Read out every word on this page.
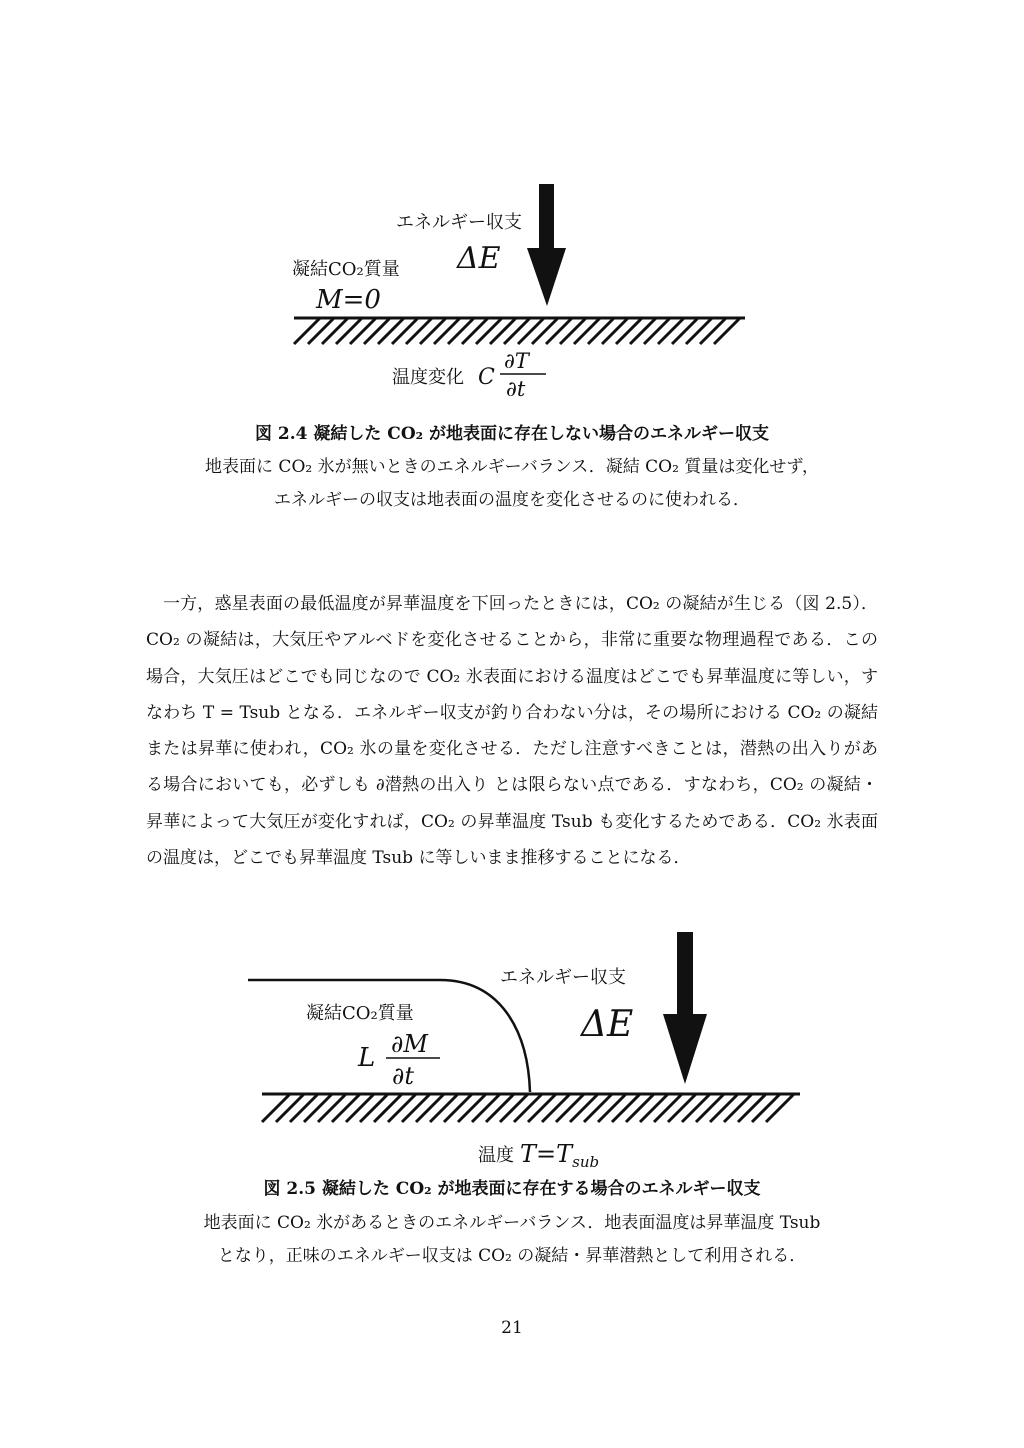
エネルギー収支
ΔE
凝結CO₂質量
M=0
温度変化 C
∂T
∂t
図 2.4 凝結した CO₂ が地表面に存在しない場合のエネルギー収支
地表面に CO₂ 氷が無いときのエネルギーバランス．凝結 CO₂ 質量は変化せず，
エネルギーの収支は地表面の温度を変化させるのに使われる．

一方，惑星表面の最低温度が昇華温度を下回ったときには，CO₂ の凝結が生じる（図 2.5）．CO₂ の凝結は，大気圧やアルベドを変化させることから，非常に重要な物理過程である．この場合，大気圧はどこでも同じなので CO₂ 氷表面における温度はどこでも昇華温度に等しい，すなわち T = Tsub となる．エネルギー収支が釣り合わない分は，その場所における CO₂ の凝結または昇華に使われ，CO₂ 氷の量を変化させる．ただし注意すべきことは，潜熱の出入りがある場合においても，必ずしも ∂潜熱の出入り とは限らない点である．すなわち，CO₂ の凝結・昇華によって大気圧が変化すれば，CO₂ の昇華温度 Tsub も変化するためである．CO₂ 氷表面の温度は，どこでも昇華温度 Tsub に等しいまま推移することになる．

凝結CO₂質量
L ∂M
∂t
エネルギー収支
ΔE
温度 $T=T_{sub}$
図 2.5 凝結した CO₂ が地表面に存在する場合のエネルギー収支
地表面に CO₂ 氷があるときのエネルギーバランス．地表面温度は昇華温度 Tsub
となり，正味のエネルギー収支は CO₂ の凝結・昇華潜熱として利用される．
21
